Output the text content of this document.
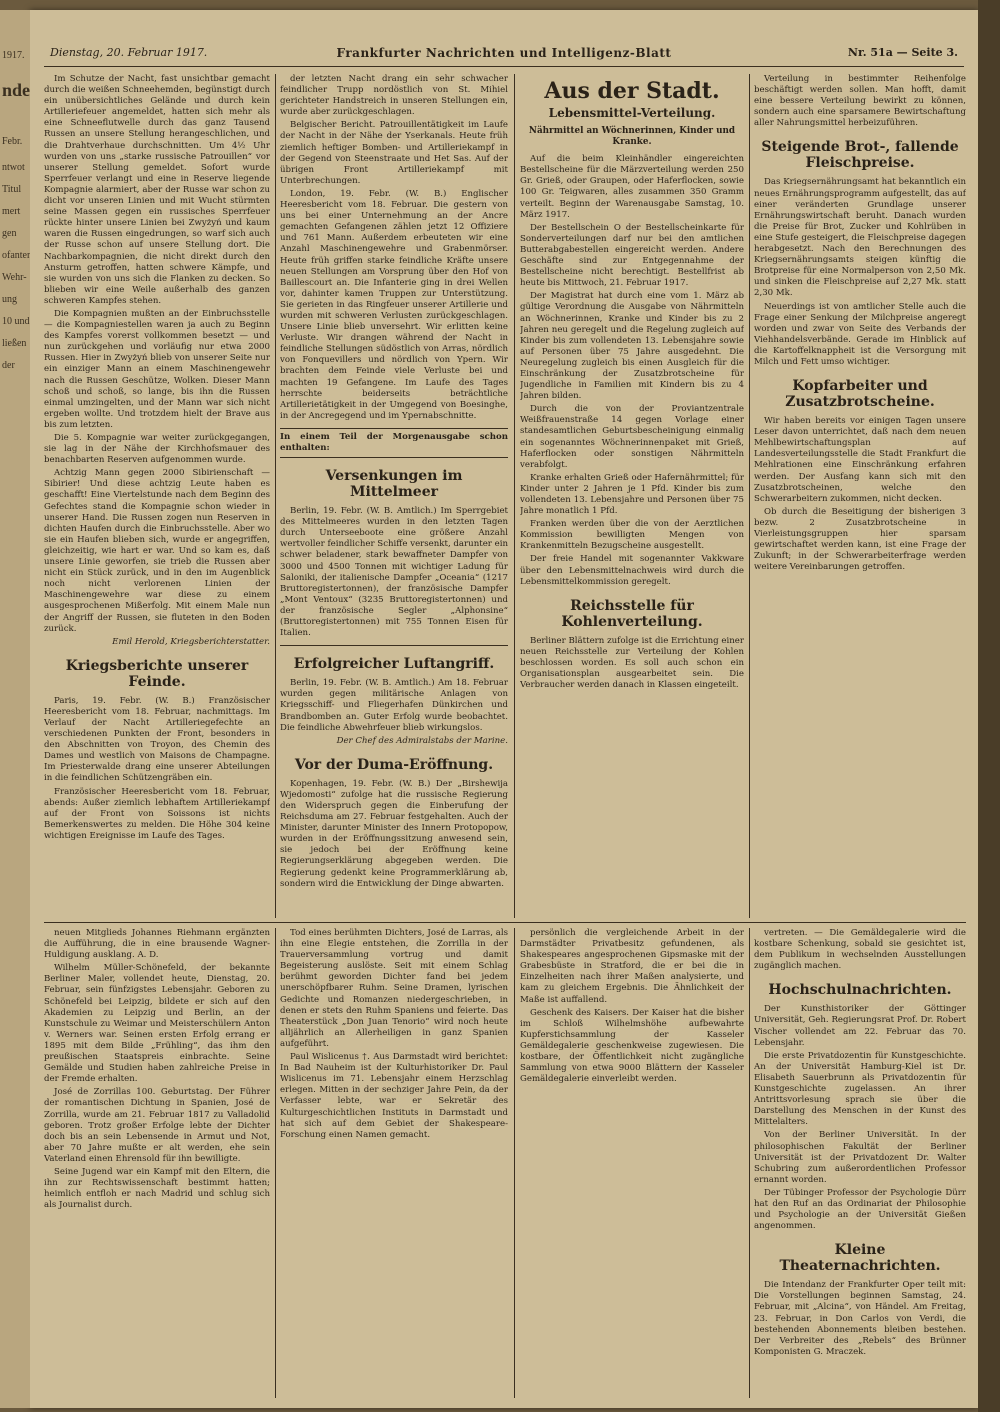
Dienstag, 20. Februar 1917.	Frankfurter Nachrichten und Intelligenz-Blatt	Nr. 51a — Seite 3.

Im Schutze der Nacht, fast unsichtbar gemacht durch die weißen Schneehemden, begünstigt durch ein unübersichtliches Gelände und durch kein Artilleriefeuer angemeldet, hatten sich mehr als eine Schneeflutwelle durch das ganz Tausend Russen an unsere Stellung herangeschlichen, und die Drahtverhaue durchschnitten. Um 4½ Uhr wurden von uns „starke russische Patrouillen“ vor unserer Stellung gemeldet. Sofort wurde Sperrfeuer verlangt und eine in Reserve liegende Kompagnie alarmiert, aber der Russe war schon zu dicht vor unseren Linien und mit Wucht stürmten seine Massen gegen ein russisches Sperrfeuer rückte hinter unsere Linien bei Zwyżyń und kaum waren die Russen eingedrungen, so warf sich auch der Russe schon auf unsere Stellung dort. Die Nachbarkompagnien, die nicht direkt durch den Ansturm getroffen, hatten schwere Kämpfe, und sie wurden von uns sich die Flanken zu decken. So blieben wir eine Weile außerhalb des ganzen schweren Kampfes stehen.

Die Kompagnien mußten an der Einbruchsstelle — die Kompagniestellen waren ja auch zu Beginn des Kampfes vorerst vollkommen besetzt — und nun zurückgehen und vorläufig nur etwa 2000 Russen. Hier in Zwyżyń blieb von unserer Seite nur ein einziger Mann an einem Maschinengewehr nach die Russen Geschütze, Wolken. Dieser Mann schoß und schoß, so lange, bis ihn die Russen einmal umzingelten, und der Mann war sich nicht ergeben wollte. Und trotzdem hielt der Brave aus bis zum letzten.

Die 5. Kompagnie war weiter zurückgegangen, sie lag in der Nähe der Kirchhofsmauer des benachbarten Reserven aufgenommen wurde.

Achtzig Mann gegen 2000 Sibirienschaft — Sibirier! Und diese achtzig Leute haben es geschafft! Eine Viertelstunde nach dem Beginn des Gefechtes stand die Kompagnie schon wieder in unserer Hand. Die Russen zogen nun Reserven in dichten Haufen durch die Einbruchsstelle. Aber wo sie ein Haufen blieben sich, wurde er angegriffen, gleichzeitig, wie hart er war. Und so kam es, daß unsere Linie geworfen, sie trieb die Russen aber nicht ein Stück zurück, und in den im Augenblick noch nicht verlorenen Linien der Maschinengewehre war diese zu einem ausgesprochenen Mißerfolg. Mit einem Male nun der Angriff der Russen, sie fluteten in den Boden zurück.

Emil Herold, Kriegsberichterstatter.

Kriegsberichte unserer Feinde.

Paris, 19. Febr. (W. B.) Französischer Heeresbericht vom 18. Februar, nachmittags. Im Verlauf der Nacht Artilleriegefechte an verschiedenen Punkten der Front, besonders in den Abschnitten von Troyon, des Chemin des Dames und westlich von Maisons de Champagne. Im Priesterwalde drang eine unserer Abteilungen in die feindlichen Schützengräben ein.

Französischer Heeresbericht vom 18. Februar, abends: Außer ziemlich lebhaftem Artilleriekampf auf der Front von Soissons ist nichts Bemerkenswertes zu melden. Die Höhe 304 keine wichtigen Ereignisse im Laufe des Tages.

der letzten Nacht drang ein sehr schwacher feindlicher Trupp nordöstlich von St. Mihiel gerichteter Handstreich in unseren Stellungen ein, wurde aber zurückgeschlagen.

Belgischer Bericht. Patrouillentätigkeit im Laufe der Nacht in der Nähe der Yserkanals. Heute früh ziemlich heftiger Bomben- und Artilleriekampf in der Gegend von Steenstraate und Het Sas. Auf der übrigen Front Artilleriekampf mit Unterbrechungen.

London, 19. Febr. (W. B.) Englischer Heeresbericht vom 18. Februar. Die gestern von uns bei einer Unternehmung an der Ancre gemachten Gefangenen zählen jetzt 12 Offiziere und 761 Mann. Außerdem erbeuteten wir eine Anzahl Maschinengewehre und Grabenmörser. Heute früh griffen starke feindliche Kräfte unsere neuen Stellungen am Vorsprung über den Hof von Baillescourt an. Die Infanterie ging in drei Wellen vor, dahinter kamen Truppen zur Unterstützung. Sie gerieten in das Ringfeuer unserer Artillerie und wurden mit schweren Verlusten zurückgeschlagen. Unsere Linie blieb unversehrt. Wir erlitten keine Verluste. Wir drangen während der Nacht in feindliche Stellungen südöstlich von Arras, nördlich von Fonquevillers und nördlich von Ypern. Wir brachten dem Feinde viele Verluste bei und machten 19 Gefangene. Im Laufe des Tages herrschte beiderseits beträchtliche Artillerietätigkeit in der Umgegend von Boesinghe, in der Ancregegend und im Ypernabschnitte.

In einem Teil der Morgenausgabe schon enthalten:
Versenkungen im Mittelmeer

Berlin, 19. Febr. (W. B. Amtlich.) Im Sperrgebiet des Mittelmeeres wurden in den letzten Tagen durch Unterseeboote eine größere Anzahl wertvoller feindlicher Schiffe versenkt, darunter ein schwer beladener, stark bewaffneter Dampfer von 3000 und 4500 Tonnen mit wichtiger Ladung für Saloniki, der italienische Dampfer „Oceania“ (1217 Bruttoregistertonnen), der französische Dampfer „Mont Ventoux“ (3235 Bruttoregistertonnen) und der französische Segler „Alphonsine“ (Bruttoregistertonnen) mit 755 Tonnen Eisen für Italien.

Erfolgreicher Luftangriff.

Berlin, 19. Febr. (W. B. Amtlich.) Am 18. Februar wurden gegen militärische Anlagen von Kriegsschiff- und Fliegerhafen Dünkirchen und Brandbomben an. Guter Erfolg wurde beobachtet. Die feindliche Abwehrfeuer blieb wirkungslos.

Der Chef des Admiralstabs der Marine.

Vor der Duma-Eröffnung.

Kopenhagen, 19. Febr. (W. B.) Der „Birshewija Wjedomosti“ zufolge hat die russische Regierung den Widerspruch gegen die Einberufung der Reichsduma am 27. Februar festgehalten. Auch der Minister, darunter Minister des Innern Protopopow, wurden in der Eröffnungssitzung anwesend sein, sie jedoch bei der Eröffnung keine Regierungserklärung abgegeben werden. Die Regierung gedenkt keine Programmerklärung ab, sondern wird die Entwicklung der Dinge abwarten.

Aus der Stadt.
Lebensmittel-Verteilung.

Nährmittel an Wöchnerinnen, Kinder und Kranke.

Auf die beim Kleinhändler eingereichten Bestellscheine für die Märzverteilung werden 250 Gr. Grieß, oder Graupen, oder Haferflocken, sowie 100 Gr. Teigwaren, alles zusammen 350 Gramm verteilt. Beginn der Warenausgabe Samstag, 10. März 1917.

Der Bestellschein O der Bestellscheinkarte für Sonderverteilungen darf nur bei den amtlichen Butterabgabestellen eingereicht werden. Andere Geschäfte sind zur Entgegennahme der Bestellscheine nicht berechtigt. Bestellfrist ab heute bis Mittwoch, 21. Februar 1917.

Der Magistrat hat durch eine vom 1. März ab gültige Verordnung die Ausgabe von Nährmitteln an Wöchnerinnen, Kranke und Kinder bis zu 2 Jahren neu geregelt und die Regelung zugleich auf Kinder bis zum vollendeten 13. Lebensjahre sowie auf Personen über 75 Jahre ausgedehnt. Die Neuregelung zugleich bis einen Ausgleich für die Einschränkung der Zusatzbrotscheine für Jugendliche in Familien mit Kindern bis zu 4 Jahren bilden.

Durch die von der Proviantzentrale Weißfrauenstraße 14 gegen Vorlage einer standesamtlichen Geburtsbescheinigung einmalig ein sogenanntes Wöchnerinnenpaket mit Grieß, Haferflocken oder sonstigen Nährmitteln verabfolgt.

Kranke erhalten Grieß oder Hafernährmittel; für Kinder unter 2 Jahren je 1 Pfd. Kinder bis zum vollendeten 13. Lebensjahre und Personen über 75 Jahre monatlich 1 Pfd.

Franken werden über die von der Aerztlichen Kommission bewilligten Mengen von Krankenmitteln Bezugscheine ausgestellt.

Der freie Handel mit sogenannter Vakkware über den Lebensmittelnachweis wird durch die Lebensmittelkommission geregelt.

Reichsstelle für Kohlenverteilung.

Berliner Blättern zufolge ist die Errichtung einer neuen Reichsstelle zur Verteilung der Kohlen beschlossen worden. Es soll auch schon ein Organisationsplan ausgearbeitet sein. Die Verbraucher werden danach in Klassen eingeteilt.

Verteilung in bestimmter Reihenfolge beschäftigt werden sollen. Man hofft, damit eine bessere Verteilung bewirkt zu können, sondern auch eine sparsamere Bewirtschaftung aller Nahrungsmittel herbeizuführen.

Steigende Brot-, fallende Fleischpreise.

Das Kriegsernährungsamt hat bekanntlich ein neues Ernährungsprogramm aufgestellt, das auf einer veränderten Grundlage unserer Ernährungswirtschaft beruht. Danach wurden die Preise für Brot, Zucker und Kohlrüben in eine Stufe gesteigert, die Fleischpreise dagegen herabgesetzt. Nach den Berechnungen des Kriegsernährungsamts steigen künftig die Brotpreise für eine Normalperson von 2,50 Mk. und sinken die Fleischpreise auf 2,27 Mk. statt 2,30 Mk.

Neuerdings ist von amtlicher Stelle auch die Frage einer Senkung der Milchpreise angeregt worden und zwar von Seite des Verbands der Viehhandelsverbände. Gerade im Hinblick auf die Kartoffelknappheit ist die Versorgung mit Milch und Fett umso wichtiger.

Kopfarbeiter und Zusatzbrotscheine.

Wir haben bereits vor einigen Tagen unsere Leser davon unterrichtet, daß nach dem neuen Mehlbewirtschaftungsplan auf Landesverteilungsstelle die Stadt Frankfurt die Mehlrationen eine Einschränkung erfahren werden. Der Ausfang kann sich mit den Zusatzbrotscheinen, welche den Schwerarbeitern zukommen, nicht decken.

Ob durch die Beseitigung der bisherigen 3 bezw. 2 Zusatzbrotscheine in Vierleistungsgruppen hier sparsam gewirtschaftet werden kann, ist eine Frage der Zukunft; in der Schwerarbeiterfrage werden weitere Vereinbarungen getroffen.

neuen Mitglieds Johannes Riehmann ergänzten die Aufführung, die in eine brausende Wagner-Huldigung ausklang. A. D.

Wilhelm Müller-Schönefeld, der bekannte Berliner Maler, vollendet heute, Dienstag, 20. Februar, sein fünfzigstes Lebensjahr. Geboren zu Schönefeld bei Leipzig, bildete er sich auf den Akademien zu Leipzig und Berlin, an der Kunstschule zu Weimar und Meisterschülern Anton v. Werners war. Seinen ersten Erfolg errang er 1895 mit dem Bilde „Frühling“, das ihm den preußischen Staatspreis einbrachte. Seine Gemälde und Studien haben zahlreiche Preise in der Fremde erhalten.

José de Zorrillas 100. Geburtstag. Der Führer der romantischen Dichtung in Spanien, José de Zorrilla, wurde am 21. Februar 1817 zu Valladolid geboren. Trotz großer Erfolge lebte der Dichter doch bis an sein Lebensende in Armut und Not, aber 70 Jahre mußte er alt werden, ehe sein Vaterland einen Ehrensold für ihn bewilligte.

Seine Jugend war ein Kampf mit den Eltern, die ihn zur Rechtswissenschaft bestimmt hatten; heimlich entfloh er nach Madrid und schlug sich als Journalist durch.

Tod eines berühmten Dichters, José de Larras, als ihn eine Elegie entstehen, die Zorrilla in der Trauerversammlung vortrug und damit Begeisterung auslöste. Seit mit einem Schlag berühmt geworden Dichter fand bei jedem unerschöpfbarer Ruhm. Seine Dramen, lyrischen Gedichte und Romanzen niedergeschrieben, in denen er stets den Ruhm Spaniens und feierte. Das Theaterstück „Don Juan Tenorio“ wird noch heute alljährlich an Allerheiligen in ganz Spanien aufgeführt.

Paul Wislicenus †. Aus Darmstadt wird berichtet: In Bad Nauheim ist der Kulturhistoriker Dr. Paul Wislicenus im 71. Lebensjahr einem Herzschlag erlegen. Mitten in der sechziger Jahre Pein, da der Verfasser lebte, war er Sekretär des Kulturgeschichtlichen Instituts in Darmstadt und hat sich auf dem Gebiet der Shakespeare-Forschung einen Namen gemacht.

persönlich die vergleichende Arbeit in der Darmstädter Privatbesitz gefundenen, als Shakespeares angesprochenen Gipsmaske mit der Grabesbüste in Stratford, die er bei die in Einzelheiten nach ihrer Maßen analysierte, und kam zu gleichem Ergebnis. Die Ähnlichkeit der Maße ist auffallend.

Geschenk des Kaisers. Der Kaiser hat die bisher im Schloß Wilhelmshöhe aufbewahrte Kupferstichsammlung der Kasseler Gemäldegalerie geschenkweise zugewiesen. Die kostbare, der Öffentlichkeit nicht zugängliche Sammlung von etwa 9000 Blättern der Kasseler Gemäldegalerie einverleibt werden.

vertreten. — Die Gemäldegalerie wird die kostbare Schenkung, sobald sie gesichtet ist, dem Publikum in wechselnden Ausstellungen zugänglich machen.

Hochschulnachrichten.

Der Kunsthistoriker der Göttinger Universität, Geh. Regierungsrat Prof. Dr. Robert Vischer vollendet am 22. Februar das 70. Lebensjahr.

Die erste Privatdozentin für Kunstgeschichte. An der Universität Hamburg-Kiel ist Dr. Elisabeth Sauerbrunn als Privatdozentin für Kunstgeschichte zugelassen. An ihrer Antrittsvorlesung sprach sie über die Darstellung des Menschen in der Kunst des Mittelalters.

Von der Berliner Universität. In der philosophischen Fakultät der Berliner Universität ist der Privatdozent Dr. Walter Schubring zum außerordentlichen Professor ernannt worden.

Der Tübinger Professor der Psychologie Dürr hat den Ruf an das Ordinariat der Philosophie und Psychologie an der Universität Gießen angenommen.

Kleine Theaternachrichten.

Die Intendanz der Frankfurter Oper teilt mit: Die Vorstellungen beginnen Samstag, 24. Februar, mit „Alcina“, von Händel. Am Freitag, 23. Februar, in Don Carlos von Verdi, die bestehenden Abonnements bleiben bestehen. Der Verbreiter des „Rebels“ des Brünner Komponisten G. Mraczek.

1917.
nde
Febr.
ntwot
Titul
mert
gen
ofanter
Wehr-
ung
10 und
ließen
der
